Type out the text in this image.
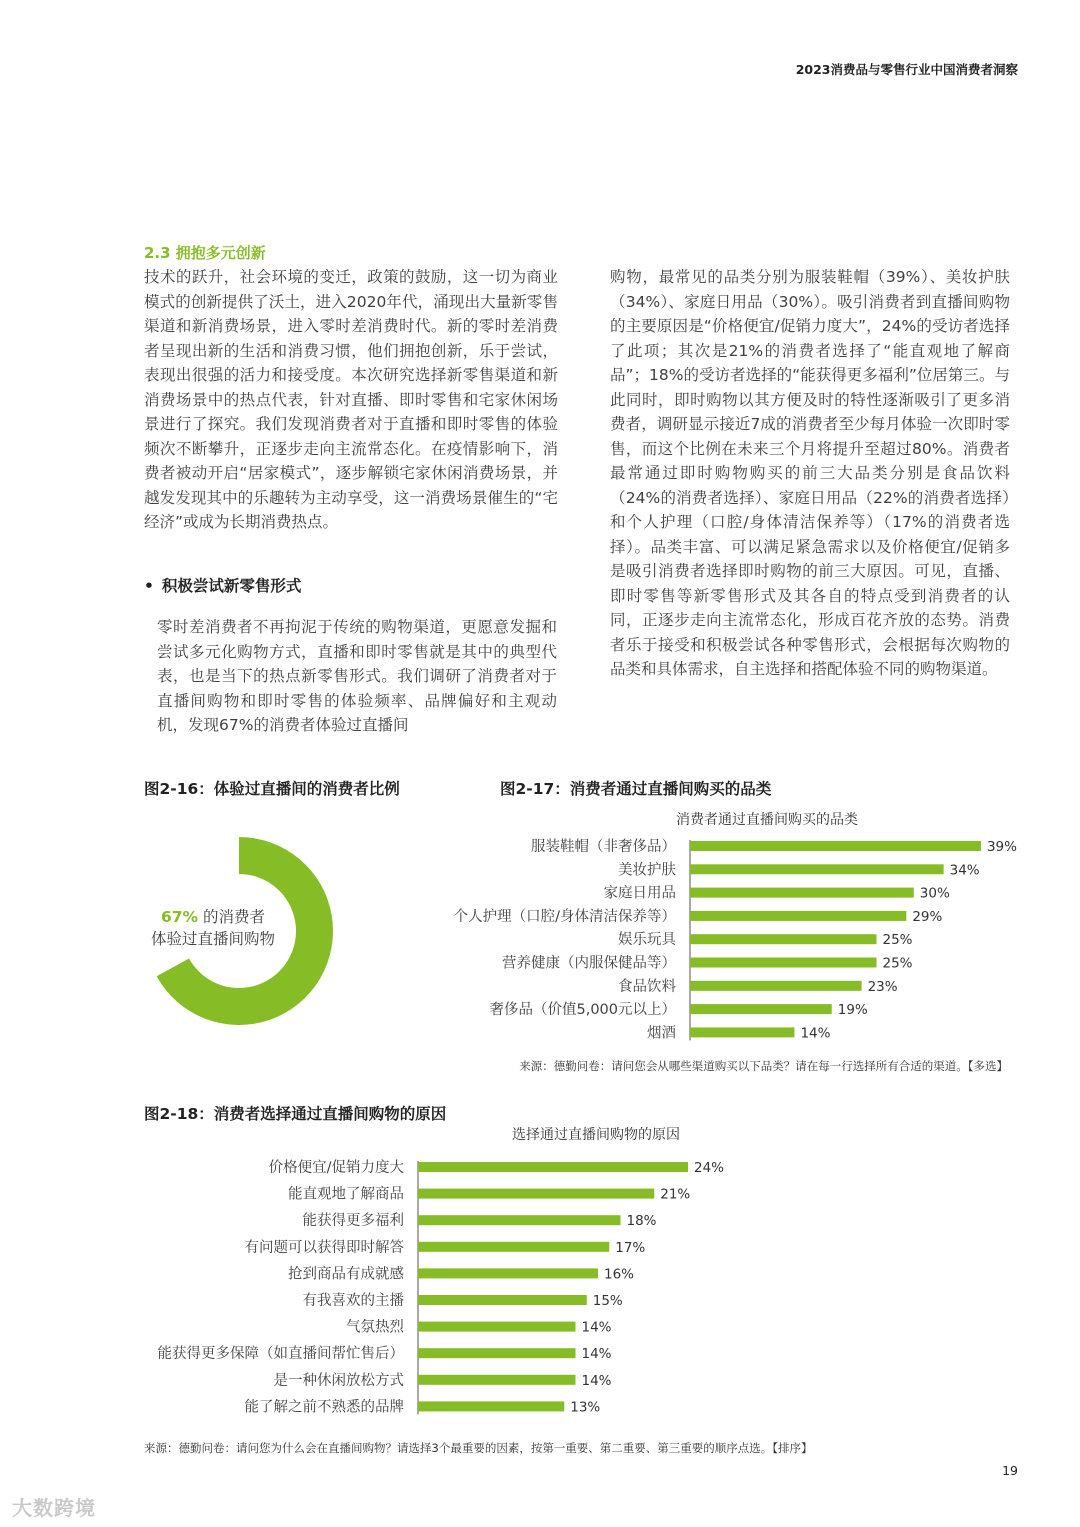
2023消费品与零售行业中国消费者洞察
2.3 拥抱多元创新

技术的跃升，社会环境的变迁，政策的鼓励，这一切为商业模式的创新提供了沃土，进入2020年代，涌现出大量新零售渠道和新消费场景，进入零时差消费时代。新的零时差消费者呈现出新的生活和消费习惯，他们拥抱创新，乐于尝试，表现出很强的活力和接受度。本次研究选择新零售渠道和新消费场景中的热点代表，针对直播、即时零售和宅家休闲场景进行了探究。我们发现消费者对于直播和即时零售的体验频次不断攀升，正逐步走向主流常态化。在疫情影响下，消费者被动开启“居家模式”，逐步解锁宅家休闲消费场景，并越发发现其中的乐趣转为主动享受，这一消费场景催生的“宅经济”或成为长期消费热点。

• 积极尝试新零售形式

零时差消费者不再拘泥于传统的购物渠道，更愿意发掘和尝试多元化购物方式，直播和即时零售就是其中的典型代表，也是当下的热点新零售形式。我们调研了消费者对于直播间购物和即时零售的体验频率、品牌偏好和主观动机，发现67%的消费者体验过直播间

购物，最常见的品类分别为服装鞋帽（39%）、美妆护肤（34%）、家庭日用品（30%）。吸引消费者到直播间购物的主要原因是“价格便宜/促销力度大”，24%的受访者选择了此项；其次是21%的消费者选择了“能直观地了解商品”；18%的受访者选择的“能获得更多福利”位居第三。与此同时，即时购物以其方便及时的特性逐渐吸引了更多消费者，调研显示接近7成的消费者至少每月体验一次即时零售，而这个比例在未来三个月将提升至超过80%。消费者最常通过即时购物购买的前三大品类分别是食品饮料（24%的消费者选择）、家庭日用品（22%的消费者选择）和个人护理（口腔/身体清洁保养等）（17%的消费者选择）。品类丰富、可以满足紧急需求以及价格便宜/促销多是吸引消费者选择即时购物的前三大原因。可见，直播、即时零售等新零售形式及其各自的特点受到消费者的认同，正逐步走向主流常态化，形成百花齐放的态势。消费者乐于接受和积极尝试各种零售形式，会根据每次购物的品类和具体需求，自主选择和搭配体验不同的购物渠道。

图2-16：体验过直播间的消费者比例
67% 的消费者
体验过直播间购物
图2-17：消费者通过直播间购买的品类
消费者通过直播间购买的品类
服装鞋帽（非奢侈品）	39%
美妆护肤	34%
家庭日用品	30%
个人护理（口腔/身体清洁保养等）	29%
娱乐玩具	25%
营养健康（内服保健品等）	25%
食品饮料	23%
奢侈品（价值5,000元以上）	19%
烟酒	14%
来源：德勤问卷：请问您会从哪些渠道购买以下品类？请在每一行选择所有合适的渠道。【多选】
图2-18：消费者选择通过直播间购物的原因
选择通过直播间购物的原因
价格便宜/促销力度大	24%
能直观地了解商品	21%
能获得更多福利	18%
有问题可以获得即时解答	17%
抢到商品有成就感	16%
有我喜欢的主播	15%
气氛热烈	14%
能获得更多保障（如直播间帮忙售后）	14%
是一种休闲放松方式	14%
能了解之前不熟悉的品牌	13%
来源：德勤问卷：请问您为什么会在直播间购物？请选择3个最重要的因素，按第一重要、第二重要、第三重要的顺序点选。【排序】
19
大数跨境
